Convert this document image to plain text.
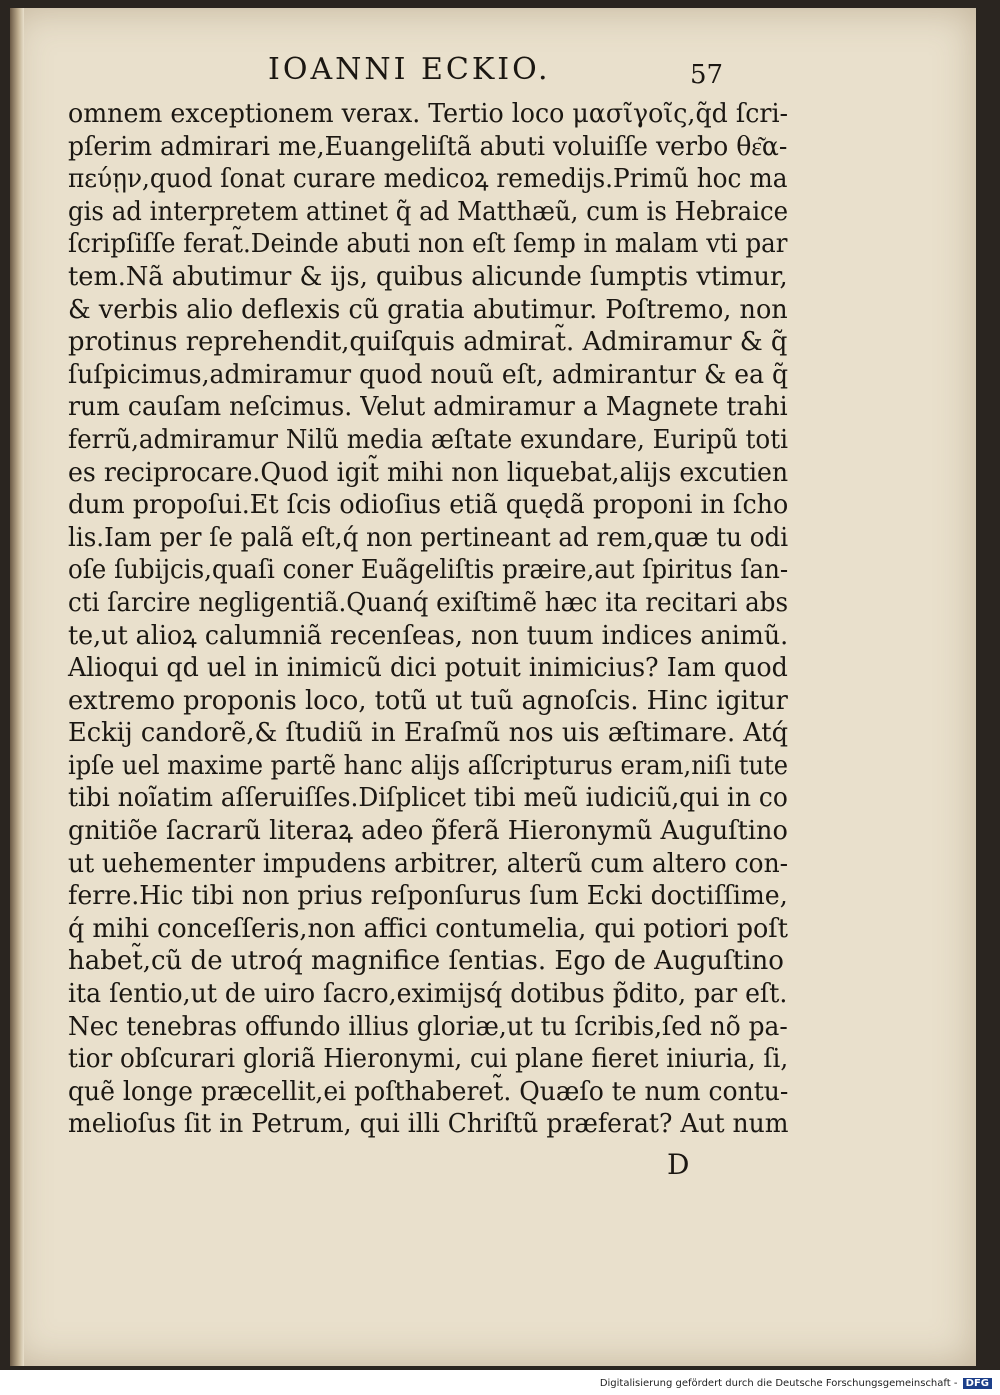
IOANNI ECKIO.	57
omnem exceptionem verax. Tertio loco μασῖγοῖς,q̃d ſcri-
pſerim admirari me,Euangeliſtã abuti voluiſſe verbo θε͂α-
πεύῃν,quod ſonat curare medicoꝝ remedijs.Primũ hoc ma
gis ad interpretem attinet q̃ ad Matthæũ, cum is Hebraice
ſcripſiſſe ferat̃.Deinde abuti non eſt ſemp in malam vti par
tem.Nã abutimur & ijs, quibus alicunde ſumptis vtimur,
& verbis alio deflexis cũ gratia abutimur. Poſtremo, non
protinus reprehendit,quiſquis admirat̃. Admiramur & q̃
ſuſpicimus,admiramur quod nouũ eſt, admirantur & ea q̃
rum cauſam neſcimus. Velut admiramur a Magnete trahi
ferrũ,admiramur Nilũ media æſtate exundare, Euripũ toti
es reciprocare.Quod igit̃ mihi non liquebat,alijs excutien
dum propoſui.Et ſcis odioſius etiã quędã proponi in ſcho
lis.Iam per ſe palã eſt,q́ non pertineant ad rem,quæ tu odi
oſe ſubijcis,quaſi coner Euãgeliſtis præire,aut ſpiritus ſan-
cti ſarcire negligentiã.Quanq́ exiſtimẽ hæc ita recitari abs
te,ut alioꝝ calumniã recenſeas, non tuum indices animũ.
Alioqui qd uel in inimicũ dici potuit inimicius? Iam quod
extremo proponis loco, totũ ut tuũ agnoſcis. Hinc igitur
Eckij candorẽ,& ſtudiũ in Eraſmũ nos uis æſtimare. Atq́
ipſe uel maxime partẽ hanc alijs aſſcripturus eram,niſi tute
tibi noĩatim aſſeruiſſes.Diſplicet tibi meũ iudiciũ,qui in co
gnitiõe ſacrarũ literaꝝ adeo p̃ferã Hieronymũ Auguſtino
ut uehementer impudens arbitrer, alterũ cum altero con-
ferre.Hic tibi non prius reſponſurus ſum Ecki doctiſſime,
q́ mihi conceſſeris,non affici contumelia, qui potiori poſt
habet̃,cũ de utroq́ magnifice ſentias. Ego de Auguſtino
ita ſentio,ut de uiro ſacro,eximijsq́ dotibus p̃dito, par eſt.
Nec tenebras offundo illius gloriæ,ut tu ſcribis,ſed nõ pa-
tior obſcurari gloriã Hieronymi, cui plane fieret iniuria, ſi,
quẽ longe præcellit,ei poſthaberet̃. Quæſo te num contu-
melioſus ſit in Petrum, qui illi Chriſtũ præferat? Aut num
D
Digitalisierung gefördert durch die Deutsche Forschungsgemeinschaft - DFG
